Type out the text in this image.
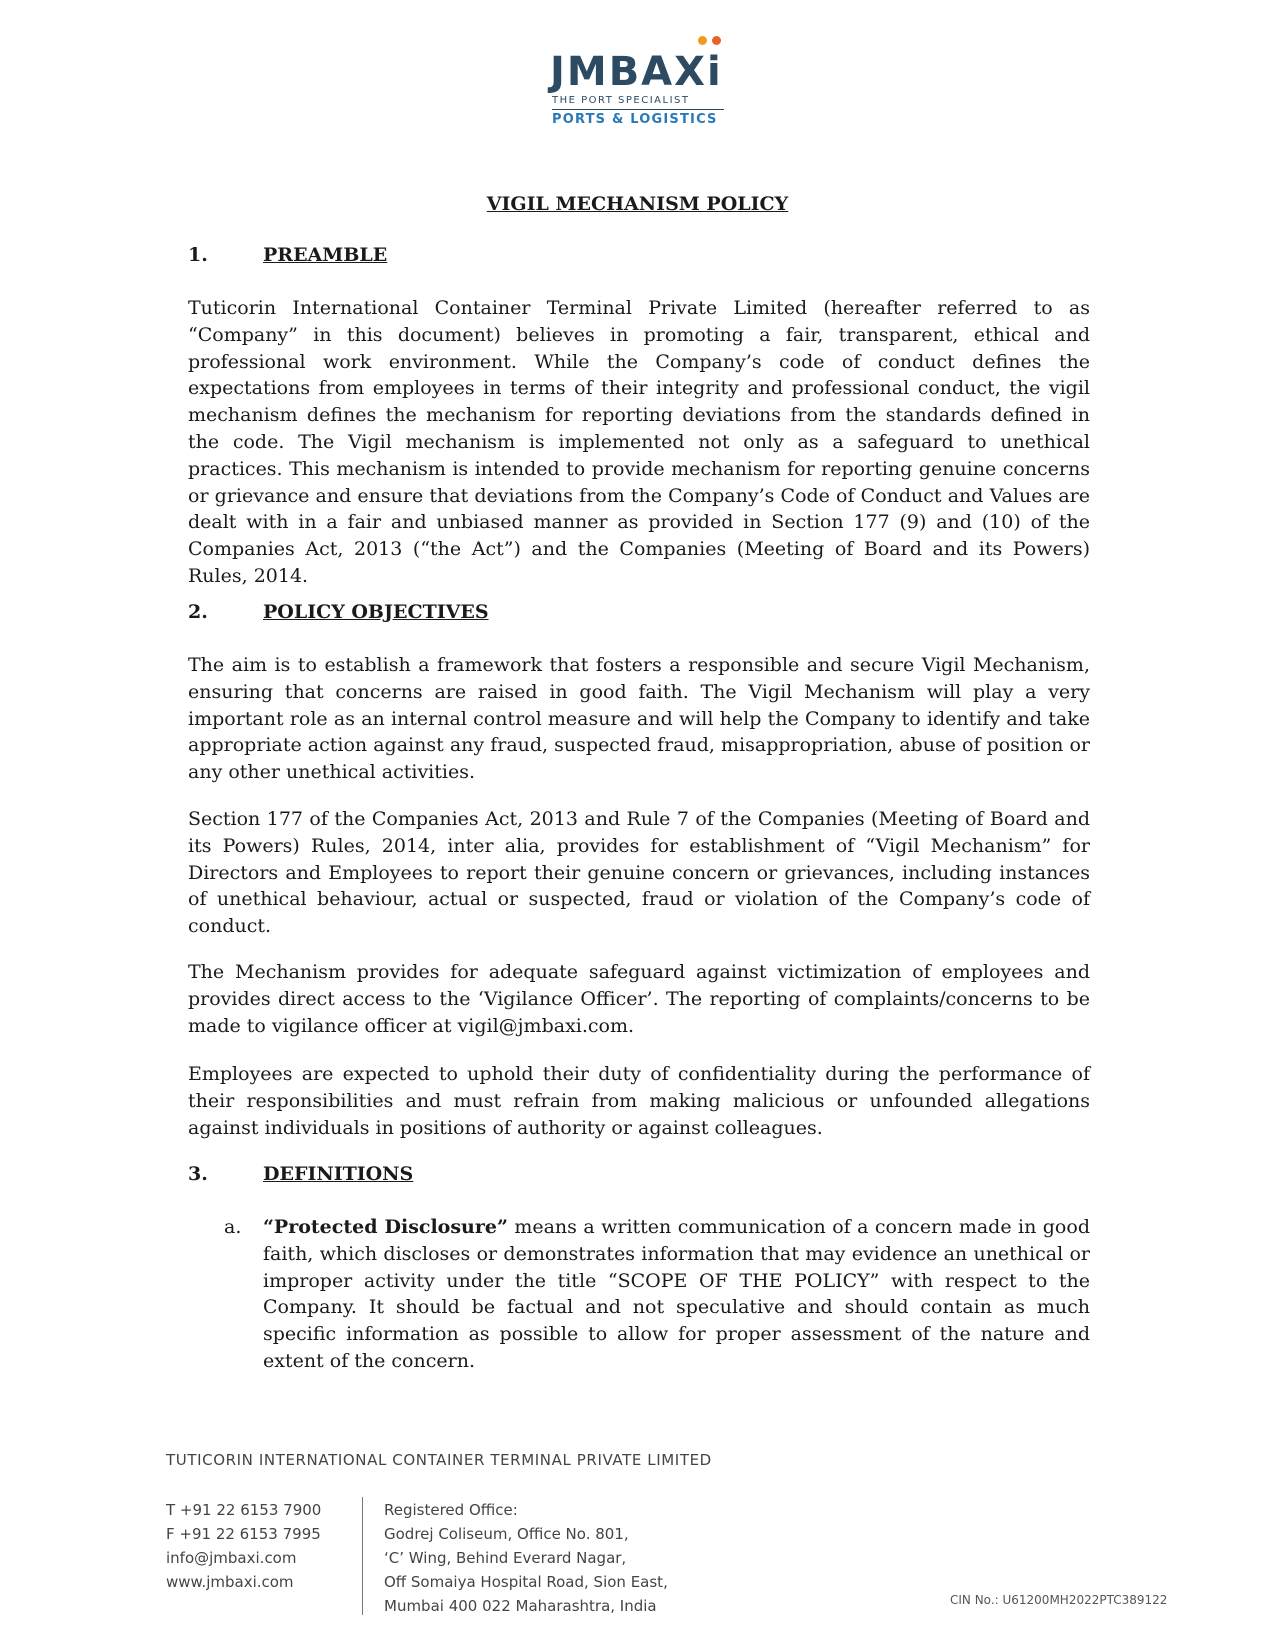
JMBAXi
THE PORT SPECIALIST
PORTS & LOGISTICS
VIGIL MECHANISM POLICY
1.	PREAMBLE
Tuticorin International Container Terminal Private Limited (hereafter referred to as “Company” in this document) believes in promoting a fair, transparent, ethical and professional work environment. While the Company’s code of conduct defines the expectations from employees in terms of their integrity and professional conduct, the vigil mechanism defines the mechanism for reporting deviations from the standards defined in the code. The Vigil mechanism is implemented not only as a safeguard to unethical practices. This mechanism is intended to provide mechanism for reporting genuine concerns or grievance and ensure that deviations from the Company’s Code of Conduct and Values are dealt with in a fair and unbiased manner as provided in Section 177 (9) and (10) of the Companies Act, 2013 (“the Act”) and the Companies (Meeting of Board and its Powers) Rules, 2014.
2.	POLICY OBJECTIVES
The aim is to establish a framework that fosters a responsible and secure Vigil Mechanism, ensuring that concerns are raised in good faith. The Vigil Mechanism will play a very important role as an internal control measure and will help the Company to identify and take appropriate action against any fraud, suspected fraud, misappropriation, abuse of position or any other unethical activities.
Section 177 of the Companies Act, 2013 and Rule 7 of the Companies (Meeting of Board and its Powers) Rules, 2014, inter alia, provides for establishment of “Vigil Mechanism” for Directors and Employees to report their genuine concern or grievances, including instances of unethical behaviour, actual or suspected, fraud or violation of the Company’s code of conduct.
The Mechanism provides for adequate safeguard against victimization of employees and provides direct access to the ‘Vigilance Officer’. The reporting of complaints/concerns to be made to vigilance officer at vigil@jmbaxi.com.
Employees are expected to uphold their duty of confidentiality during the performance of their responsibilities and must refrain from making malicious or unfounded allegations against individuals in positions of authority or against colleagues.
3.	DEFINITIONS
a. “Protected Disclosure” means a written communication of a concern made in good faith, which discloses or demonstrates information that may evidence an unethical or improper activity under the title “SCOPE OF THE POLICY” with respect to the Company. It should be factual and not speculative and should contain as much specific information as possible to allow for proper assessment of the nature and extent of the concern.
TUTICORIN INTERNATIONAL CONTAINER TERMINAL PRIVATE LIMITED
T +91 22 6153 7900
F +91 22 6153 7995
info@jmbaxi.com
www.jmbaxi.com
Registered Office:
Godrej Coliseum, Office No. 801,
‘C’ Wing, Behind Everard Nagar,
Off Somaiya Hospital Road, Sion East,
Mumbai 400 022 Maharashtra, India	CIN No.: U61200MH2022PTC389122
